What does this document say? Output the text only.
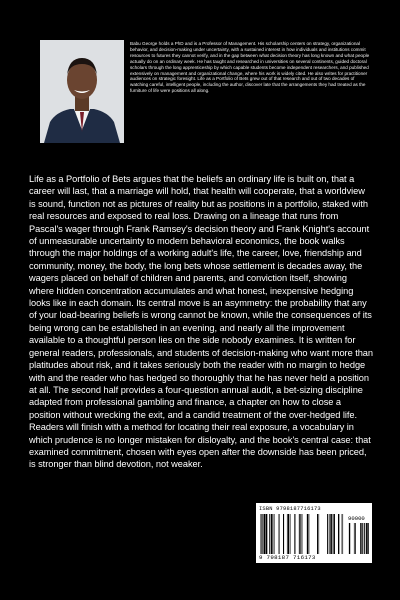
Babu George holds a PhD and is a Professor of Management. His scholarship centers on strategy, organizational behavior, and decision-making under uncertainty, with a sustained interest in how individuals and institutions commit resources to futures they cannot verify, and in the gap between what decision theory has long known and what people actually do on an ordinary week. He has taught and researched in universities on several continents, guided doctoral scholars through the long apprenticeship by which capable students become independent researchers, and published extensively on management and organizational change, where his work is widely cited. He also writes for practitioner audiences on strategic foresight. Life as a Portfolio of Bets grew out of that research and out of two decades of watching careful, intelligent people, including the author, discover late that the arrangements they had treated as the furniture of life were positions all along.

Life as a Portfolio of Bets argues that the beliefs an ordinary life is built on, that a career will last, that a marriage will hold, that health will cooperate, that a worldview is sound, function not as pictures of reality but as positions in a portfolio, staked with real resources and exposed to real loss. Drawing on a lineage that runs from Pascal's wager through Frank Ramsey's decision theory and Frank Knight's account of unmeasurable uncertainty to modern behavioral economics, the book walks through the major holdings of a working adult's life, the career, love, friendship and community, money, the body, the long bets whose settlement is decades away, the wagers placed on behalf of children and parents, and conviction itself, showing where hidden concentration accumulates and what honest, inexpensive hedging looks like in each domain. Its central move is an asymmetry: the probability that any of your load-bearing beliefs is wrong cannot be known, while the consequences of its being wrong can be established in an evening, and nearly all the improvement available to a thoughtful person lies on the side nobody examines. It is written for general readers, professionals, and students of decision-making who want more than platitudes about risk, and it takes seriously both the reader with no margin to hedge with and the reader who has hedged so thoroughly that he has never held a position at all. The second half provides a four-question annual audit, a bet-sizing discipline adapted from professional gambling and finance, a chapter on how to close a position without wrecking the exit, and a candid treatment of the over-hedged life. Readers will finish with a method for locating their real exposure, a vocabulary in which prudence is no longer mistaken for disloyalty, and the book's central case: that examined commitment, chosen with eyes open after the downside has been priced, is stronger than blind devotion, not weaker.

ISBN 9798187716173
90000
9 798187 716173
